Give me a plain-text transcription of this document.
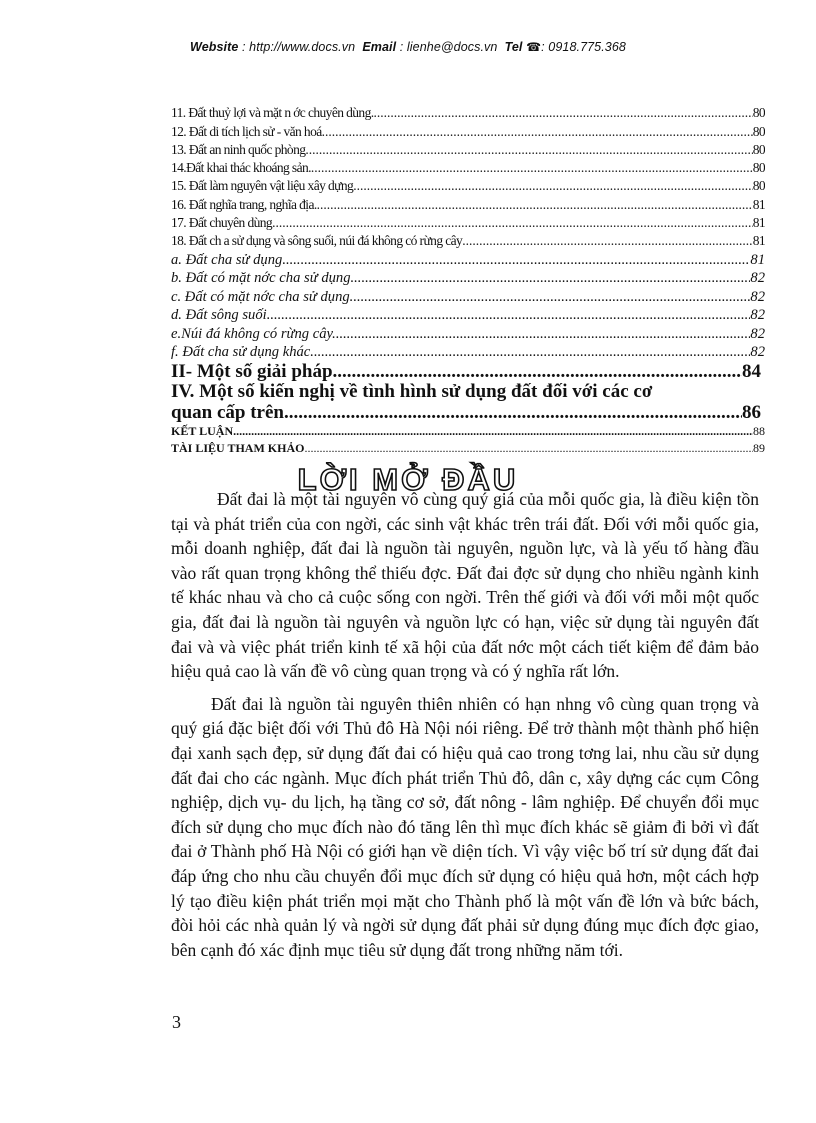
Website : http://www.docs.vn Email : lienhe@docs.vn Tel ☎: 0918.775.368
11. Đất thuỷ lợi và mặt n ớc chuyên dùng. .....	80
12. Đất di tích lịch sử - văn hoá .....	80
13. Đất an ninh quốc phòng .....	80
14.Đất khai thác khoáng sản. .....	80
15. Đất làm nguyên vật liệu xây dựng .....	80
16. Đất nghĩa trang, nghĩa địa. .....	81
17. Đất chuyên dùng .....	81
18. Đất ch a sử dụng và sông suối, núi đá không có rừng cây .....	81
a. Đất cha sử dụng. .....	81
b. Đất có mặt nớc cha sử dụng. .....	82
c. Đất có mặt nớc cha sử dụng. .....	82
d. Đất sông suối .....	82
e.Núi đá không có rừng cây. .....	82
f. Đất cha sử dụng khác. .....	82
II- Một số giải pháp. .....	84
IV. Một số kiến nghị về tình hình sử dụng đất đối với các cơ
quan cấp trên. .....	86
KẾT LUẬN .....	88
TÀI LIỆU THAM KHẢO .....	89
LỜI MỞ ĐẦU

Đất đai là một tài nguyên vô cùng quý giá của mỗi quốc gia, là điều kiện tồn tại và phát triển của con ngời, các sinh vật khác trên trái đất. Đối với mỗi quốc gia, mỗi doanh nghiệp, đất đai là nguồn tài nguyên, nguồn lực, và là yếu tố hàng đầu vào rất quan trọng không thể thiếu đợc. Đất đai đợc sử dụng cho nhiều ngành kinh tế khác nhau và cho cả cuộc sống con ngời. Trên thế giới và đối với mỗi một quốc gia, đất đai là nguồn tài nguyên và nguồn lực có hạn, việc sử dụng tài nguyên đất đai và và việc phát triển kinh tế xã hội của đất nớc một cách tiết kiệm để đảm bảo hiệu quả cao là vấn đề vô cùng quan trọng và có ý nghĩa rất lớn.

Đất đai là nguồn tài nguyên thiên nhiên có hạn nhng vô cùng quan trọng và quý giá đặc biệt đối với Thủ đô Hà Nội nói riêng. Để trở thành một thành phố hiện đại xanh sạch đẹp, sử dụng đất đai có hiệu quả cao trong tơng lai, nhu cầu sử dụng đất đai cho các ngành. Mục đích phát triển Thủ đô, dân c, xây dựng các cụm Công nghiệp, dịch vụ- du lịch, hạ tầng cơ sở, đất nông - lâm nghiệp. Để chuyển đổi mục đích sử dụng cho mục đích nào đó tăng lên thì mục đích khác sẽ giảm đi bởi vì đất đai ở Thành phố Hà Nội có giới hạn về diện tích. Vì vậy việc bố trí sử dụng đất đai đáp ứng cho nhu cầu chuyển đổi mục đích sử dụng có hiệu quả hơn, một cách hợp lý tạo điều kiện phát triển mọi mặt cho Thành phố là một vấn đề lớn và bức bách, đòi hỏi các nhà quản lý và ngời sử dụng đất phải sử dụng đúng mục đích đợc giao, bên cạnh đó xác định mục tiêu sử dụng đất trong những năm tới.

3
